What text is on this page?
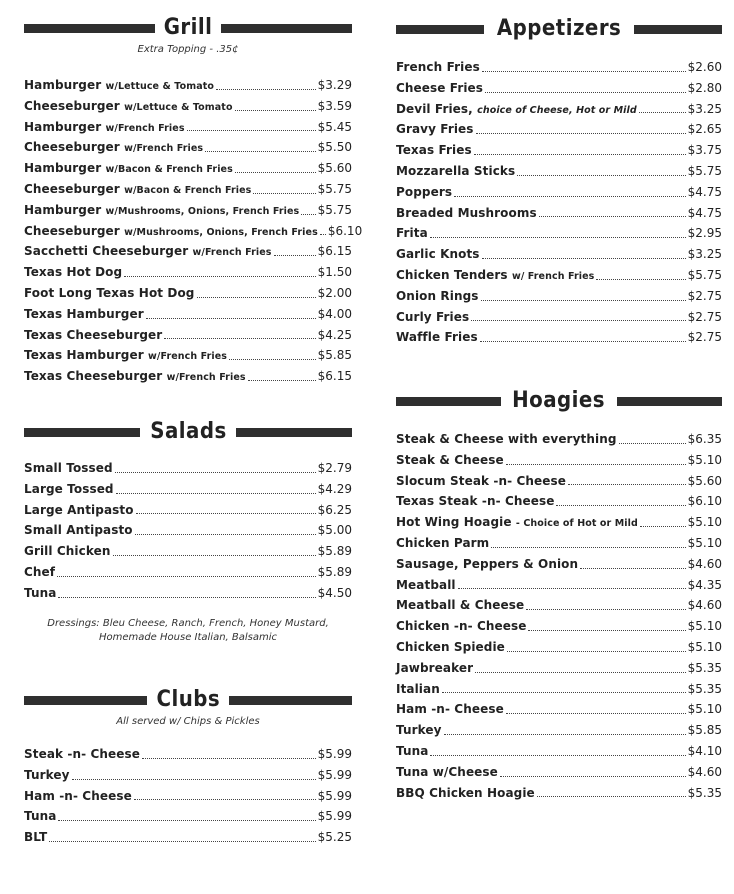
Grill
Extra Topping - .35¢
Hamburger w/Lettuce & Tomato	$3.29
Cheeseburger w/Lettuce & Tomato	$3.59
Hamburger w/French Fries	$5.45
Cheeseburger w/French Fries	$5.50
Hamburger w/Bacon & French Fries	$5.60
Cheeseburger w/Bacon & French Fries	$5.75
Hamburger w/Mushrooms, Onions, French Fries $5.75
Cheeseburger w/Mushrooms, Onions, French Fries $6.10
Sacchetti Cheeseburger w/French Fries	$6.15
Texas Hot Dog	$1.50
Foot Long Texas Hot Dog	$2.00
Texas Hamburger	$4.00
Texas Cheeseburger	$4.25
Texas Hamburger w/French Fries	$5.85
Texas Cheeseburger w/French Fries	$6.15
Salads
Small Tossed	$2.79
Large Tossed	$4.29
Large Antipasto	$6.25
Small Antipasto	$5.00
Grill Chicken	$5.89
Chef	$5.89
Tuna	$4.50
Dressings: Bleu Cheese, Ranch, French, Honey Mustard,
Homemade House Italian, Balsamic
Clubs
All served w/ Chips & Pickles
Steak -n- Cheese	$5.99
Turkey	$5.99
Ham -n- Cheese	$5.99
Tuna	$5.99
BLT	$5.25
Appetizers
French Fries	$2.60
Cheese Fries	$2.80
Devil Fries, choice of Cheese, Hot or Mild	$3.25
Gravy Fries	$2.65
Texas Fries	$3.75
Mozzarella Sticks	$5.75
Poppers	$4.75
Breaded Mushrooms	$4.75
Frita	$2.95
Garlic Knots	$3.25
Chicken Tenders w/ French Fries	$5.75
Onion Rings	$2.75
Curly Fries	$2.75
Waffle Fries	$2.75
Hoagies
Steak & Cheese with everything	$6.35
Steak & Cheese	$5.10
Slocum Steak -n- Cheese	$5.60
Texas Steak -n- Cheese	$6.10
Hot Wing Hoagie - Choice of Hot or Mild	$5.10
Chicken Parm	$5.10
Sausage, Peppers & Onion	$4.60
Meatball	$4.35
Meatball & Cheese	$4.60
Chicken -n- Cheese	$5.10
Chicken Spiedie	$5.10
Jawbreaker	$5.35
Italian	$5.35
Ham -n- Cheese	$5.10
Turkey	$5.85
Tuna	$4.10
Tuna w/Cheese	$4.60
BBQ Chicken Hoagie	$5.35
